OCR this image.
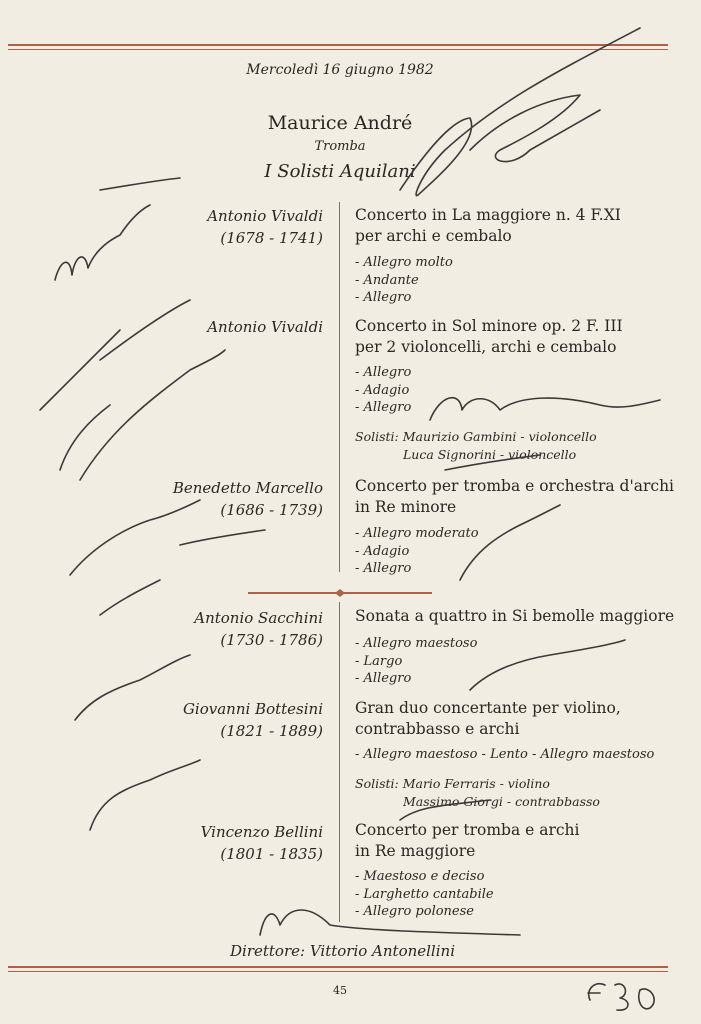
Mercoledì 16 giugno 1982
Maurice André
Tromba
I Solisti Aquilani
Antonio Vivaldi
(1678 - 1741)
Concerto in La maggiore n. 4 F.XI
per archi e cembalo
- Allegro molto
- Andante
- Allegro
Antonio Vivaldi Concerto in Sol minore op. 2 F. III
per 2 violoncelli, archi e cembalo
- Allegro
- Adagio
- Allegro
Solisti: Maurizio Gambini - violoncello
Luca Signorini - violoncello
Benedetto Marcello
(1686 - 1739)
Concerto per tromba e orchestra d'archi
in Re minore
- Allegro moderato
- Adagio
- Allegro
Antonio Sacchini
(1730 - 1786)
Sonata a quattro in Si bemolle maggiore
- Allegro maestoso
- Largo
- Allegro
Giovanni Bottesini
(1821 - 1889)
Gran duo concertante per violino,
contrabbasso e archi
- Allegro maestoso - Lento - Allegro maestoso
Solisti: Mario Ferraris - violino
Massimo Giorgi - contrabbasso
Vincenzo Bellini
(1801 - 1835)
Concerto per tromba e archi
in Re maggiore
- Maestoso e deciso
- Larghetto cantabile
- Allegro polonese
Direttore: Vittorio Antonellini
45
